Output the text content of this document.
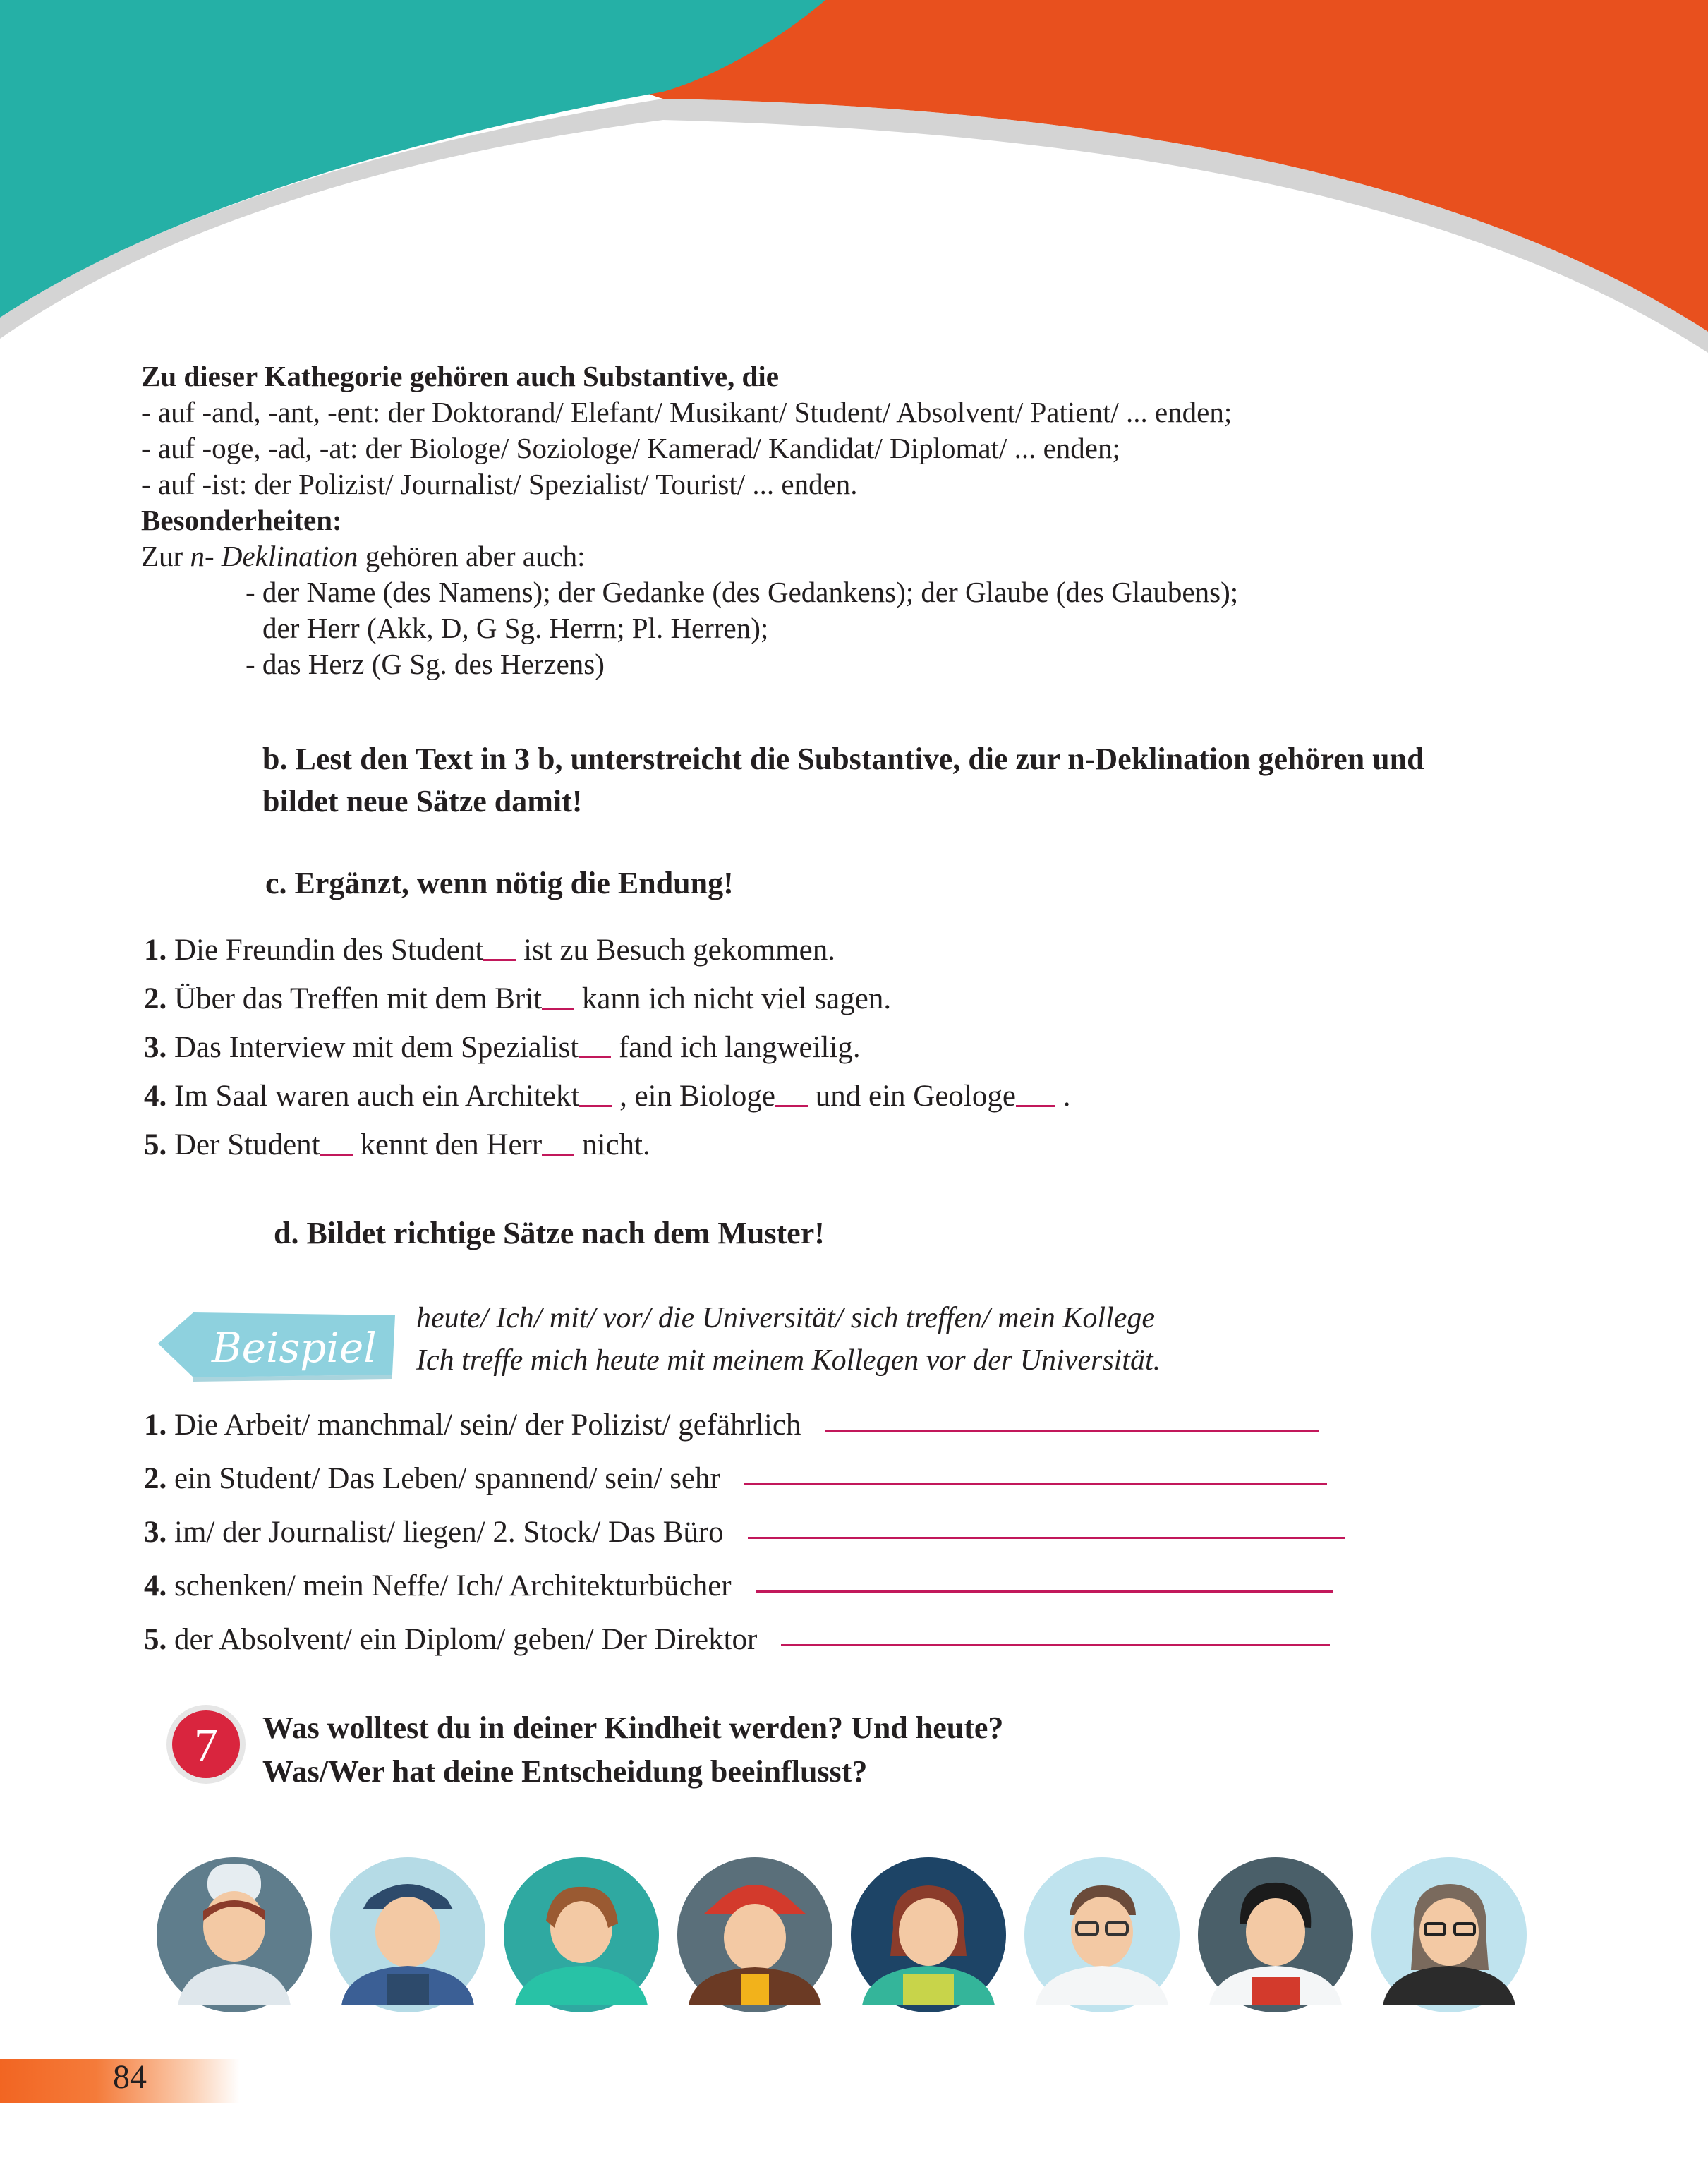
Zu dieser Kathegorie gehören auch Substantive, die

- auf -and, -ant, -ent: der Doktorand/ Elefant/ Musikant/ Student/ Absolvent/ Patient/ ... enden;

- auf -oge, -ad, -at: der Biologe/ Soziologe/ Kamerad/ Kandidat/ Diplomat/ ... enden;

- auf -ist: der Polizist/ Journalist/ Spezialist/ Tourist/ ... enden.

Besonderheiten:

Zur n- Deklination gehören aber auch:

- der Name (des Namens); der Gedanke (des Gedankens); der Glaube (des Glaubens);

der Herr (Akk, D, G Sg. Herrn; Pl. Herren);

- das Herz (G Sg. des Herzens)

b. Lest den Text in 3 b, unterstreicht die Substantive, die zur n-Deklination gehören und
bildet neue Sätze damit!
c. Ergänzt, wenn nötig die Endung!
1. Die Freundin des Student ist zu Besuch gekommen.
2. Über das Treffen mit dem Brit kann ich nicht viel sagen.
3. Das Interview mit dem Spezialist fand ich langweilig.
4. Im Saal waren auch ein Architekt , ein Biologe und ein Geologe .
5. Der Student kennt den Herr nicht.
d. Bildet richtige Sätze nach dem Muster!
Beispiel

heute/ Ich/ mit/ vor/ die Universität/ sich treffen/ mein Kollege

Ich treffe mich heute mit meinem Kollegen vor der Universität.

1. Die Arbeit/ manchmal/ sein/ der Polizist/ gefährlich
2. ein Student/ Das Leben/ spannend/ sein/ sehr
3. im/ der Journalist/ liegen/ 2. Stock/ Das Büro
4. schenken/ mein Neffe/ Ich/ Architekturbücher
5. der Absolvent/ ein Diplom/ geben/ Der Direktor
7 Was wolltest du in deiner Kindheit werden? Und heute?

Was/Wer hat deine Entscheidung beeinflusst?

84
